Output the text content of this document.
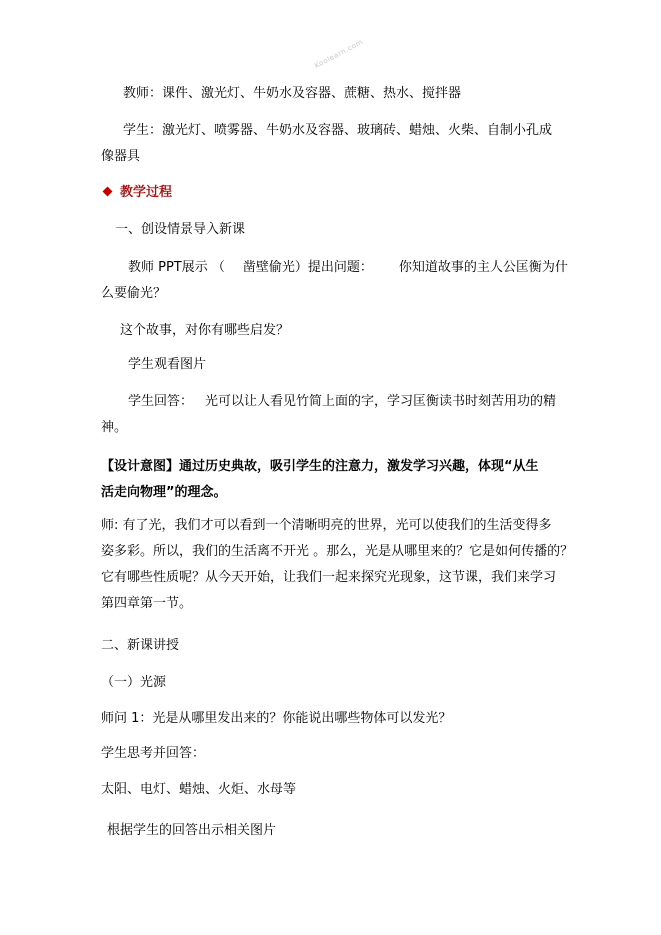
Koolearn.com
教师：课件、激光灯、牛奶水及容器、蔗糖、热水、搅拌器
学生：激光灯、喷雾器、牛奶水及容器、玻璃砖、蜡烛、火柴、自制小孔成
像器具
教学过程
一、创设情景导入新课
教师 PPT展示 （ 凿壁偷光）提出问题： 你知道故事的主人公匡衡为什
么要偷光？
这个故事，对你有哪些启发？
学生观看图片
学生回答： 光可以让人看见竹简上面的字，学习匡衡读书时刻苦用功的精
神。
【设计意图】通过历史典故，吸引学生的注意力，激发学习兴趣，体现“从生
活走向物理”的理念。
师: 有了光，我们才可以看到一个清晰明亮的世界，光可以使我们的生活变得多
姿多彩。所以，我们的生活离不开光 。那么，光是从哪里来的？它是如何传播的？
它有哪些性质呢？从今天开始，让我们一起来探究光现象，这节课，我们来学习
第四章第一节。
二、新课讲授
（一）光源
师问 1：光是从哪里发出来的？你能说出哪些物体可以发光？
学生思考并回答：
太阳、电灯、蜡烛、火炬、水母等
根据学生的回答出示相关图片
